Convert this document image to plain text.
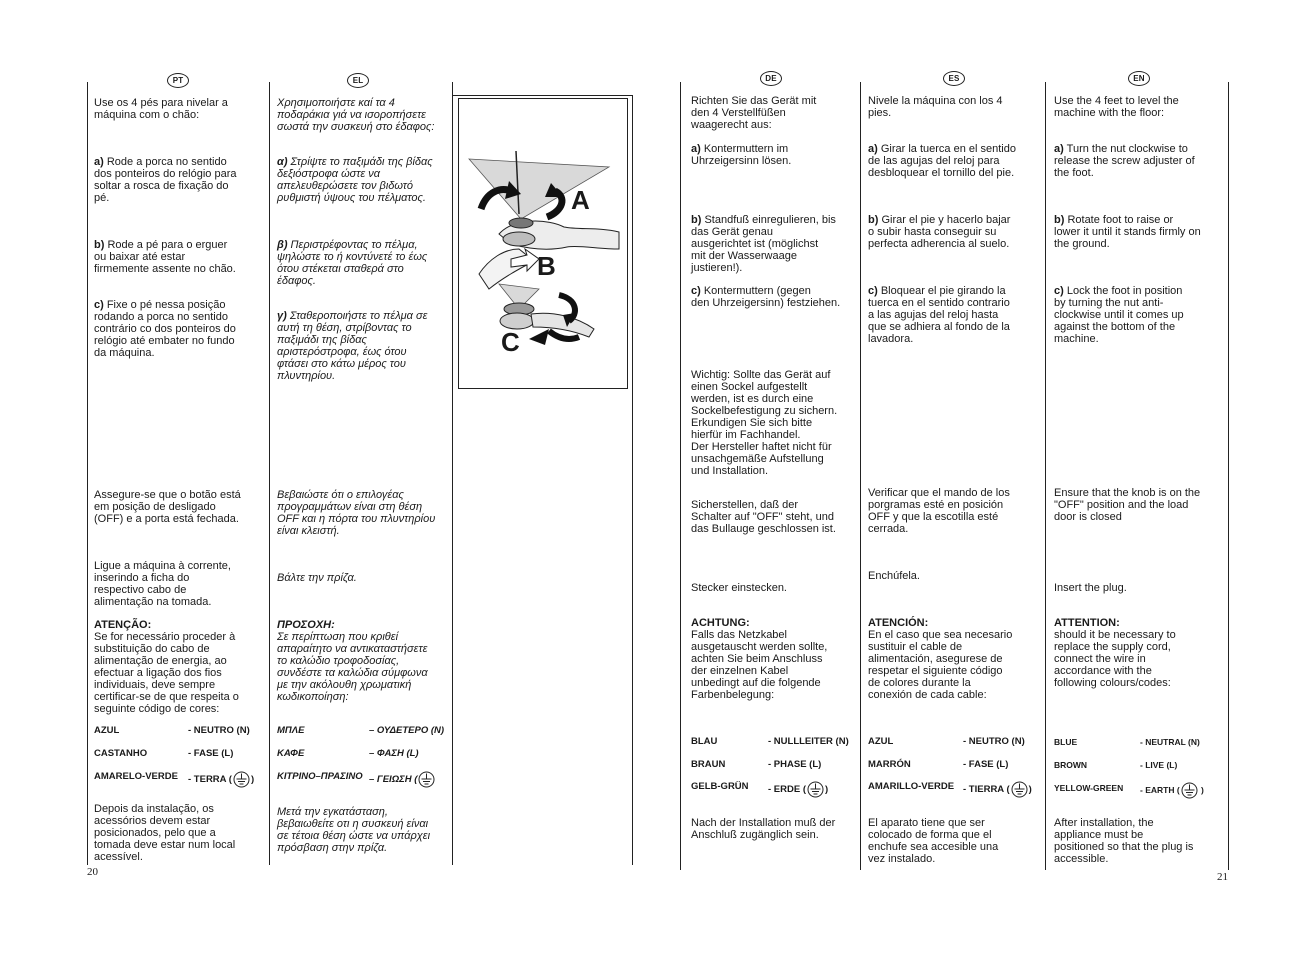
PT	EL	DE	ES	EN

Use os 4 pés para nivelar a
máquina com o chão:

a) Rode a porca no sentido
dos ponteiros do relógio para
soltar a rosca de fixação do
pé.

b) Rode a pé para o erguer
ou baixar até estar
firmemente assente no chão.

c) Fixe o pé nessa posição
rodando a porca no sentido
contrário co dos ponteiros do
relógio até embater no fundo
da máquina.

Assegure-se que o botão está
em posição de desligado
(OFF) e a porta está fechada.

Ligue a máquina à corrente,
inserindo a ficha do
respectivo cabo de
alimentação na tomada.

ATENÇÃO:
Se for necessário proceder à
substituição do cabo de
alimentação de energia, ao
efectuar a ligação dos fios
individuais, deve sempre
certificar-se de que respeita o
seguinte código de cores:

AZUL	- NEUTRO (N)
CASTANHO	- FASE (L)
AMARELO-VERDE - TERRA ( )

Depois da instalação, os
acessórios devem estar
posicionados, pelo que a
tomada deve estar num local
acessível.

Χρησιμοποιήστε καί τα 4
ποδαράκια γιά να ισοροπήσετε
σωστά την συσκευή στο έδαφος:

α) Στρίψτε το παξιμάδι της βίδας
δεξιόστροφα ώστε να
απελευθερώσετε τον βιδωτό
ρυθμιστή ύψους του πέλματος.

β) Περιστρέφοντας το πέλμα,
ψηλώστε το ή κοντύνετέ το έως
ότου στέκεται σταθερά στο
έδαφος.

γ) Σταθεροποιήστε το πέλμα σε
αυτή τη θέση, στρίβοντας το
παξιμάδι της βίδας
αριστερόστροφα, έως ότου
φτάσει στο κάτω μέρος του
πλυντηρίου.

Βεβαιώστε ότι ο επιλογέας
προγραμμάτων είναι στη θέση
OFF και η πόρτα του πλυντηρίου
είναι κλειστή.

Βάλτε την πρίζα.

ΠΡΟΣΟΧΗ:
Σε περίπτωση που κριθεί
απαραίτητο να αντικαταστήσετε
το καλώδιο τροφοδοσίας,
συνδέστε τα καλώδια σύμφωνα
με την ακόλουθη χρωματική
κωδικοποίηση:

ΜΠΛΕ	– ΟΥΔΕΤΕΡΟ (N)
ΚΑΦΕ	– ΦΑΣΗ (L)
ΚΙΤΡΙΝΟ–ΠΡΑΣΙΝΟ – ΓΕΙΩΣΗ (

Μετά την εγκατάσταση,
βεβαιωθείτε οτι η συσκευή είναι
σε τέτοια θέση ώστε να υπάρχει
πρόσβαση στην πρίζα.

A
B
C

Richten Sie das Gerät mit
den 4 Verstellfüßen
waagerecht aus:

a) Kontermuttern im
Uhrzeigersinn lösen.

b) Standfuß einregulieren, bis
das Gerät genau
ausgerichtet ist (möglichst
mit der Wasserwaage
justieren!).

c) Kontermuttern (gegen
den Uhrzeigersinn) festziehen.

Wichtig: Sollte das Gerät auf
einen Sockel aufgestellt
werden, ist es durch eine
Sockelbefestigung zu sichern.
Erkundigen Sie sich bitte
hierfür im Fachhandel.
Der Hersteller haftet nicht für
unsachgemäße Aufstellung
und Installation.

Sicherstellen, daß der
Schalter auf "OFF" steht, und
das Bullauge geschlossen ist.

Stecker einstecken.

ACHTUNG:
Falls das Netzkabel
ausgetauscht werden sollte,
achten Sie beim Anschluss
der einzelnen Kabel
unbedingt auf die folgende
Farbenbelegung:

BLAU	- NULLLEITER (N)
BRAUN	- PHASE (L)
GELB-GRÜN - ERDE ( )

Nach der Installation muß der
Anschluß zugänglich sein.

Nivele la máquina con los 4
pies.

a) Girar la tuerca en el sentido
de las agujas del reloj para
desbloquear el tornillo del pie.

b) Girar el pie y hacerlo bajar
o subir hasta conseguir su
perfecta adherencia al suelo.

c) Bloquear el pie girando la
tuerca en el sentido contrario
a las agujas del reloj hasta
que se adhiera al fondo de la
lavadora.

Verificar que el mando de los
porgramas esté en posición
OFF y que la escotilla esté
cerrada.

Enchúfela.

ATENCIÓN:
En el caso que sea necesario
sustituir el cable de
alimentación, asegurese de
respetar el siguiente código
de colores durante la
conexión de cada cable:

AZUL	- NEUTRO (N)
MARRÓN	- FASE (L)
AMARILLO-VERDE - TIERRA ( )

El aparato tiene que ser
colocado de forma que el
enchufe sea accesible una
vez instalado.

Use the 4 feet to level the
machine with the floor:

a) Turn the nut clockwise to
release the screw adjuster of
the foot.

b) Rotate foot to raise or
lower it until it stands firmly on
the ground.

c) Lock the foot in position
by turning the nut anti-
clockwise until it comes up
against the bottom of the
machine.

Ensure that the knob is on the
"OFF" position and the load
door is closed

Insert the plug.

ATTENTION:
should it be necessary to
replace the supply cord,
connect the wire in
accordance with the
following colours/codes:

BLUE	- NEUTRAL (N)
BROWN	- LIVE (L)
YELLOW-GREEN - EARTH (	)

After installation, the
appliance must be
positioned so that the plug is
accessible.

20	21
